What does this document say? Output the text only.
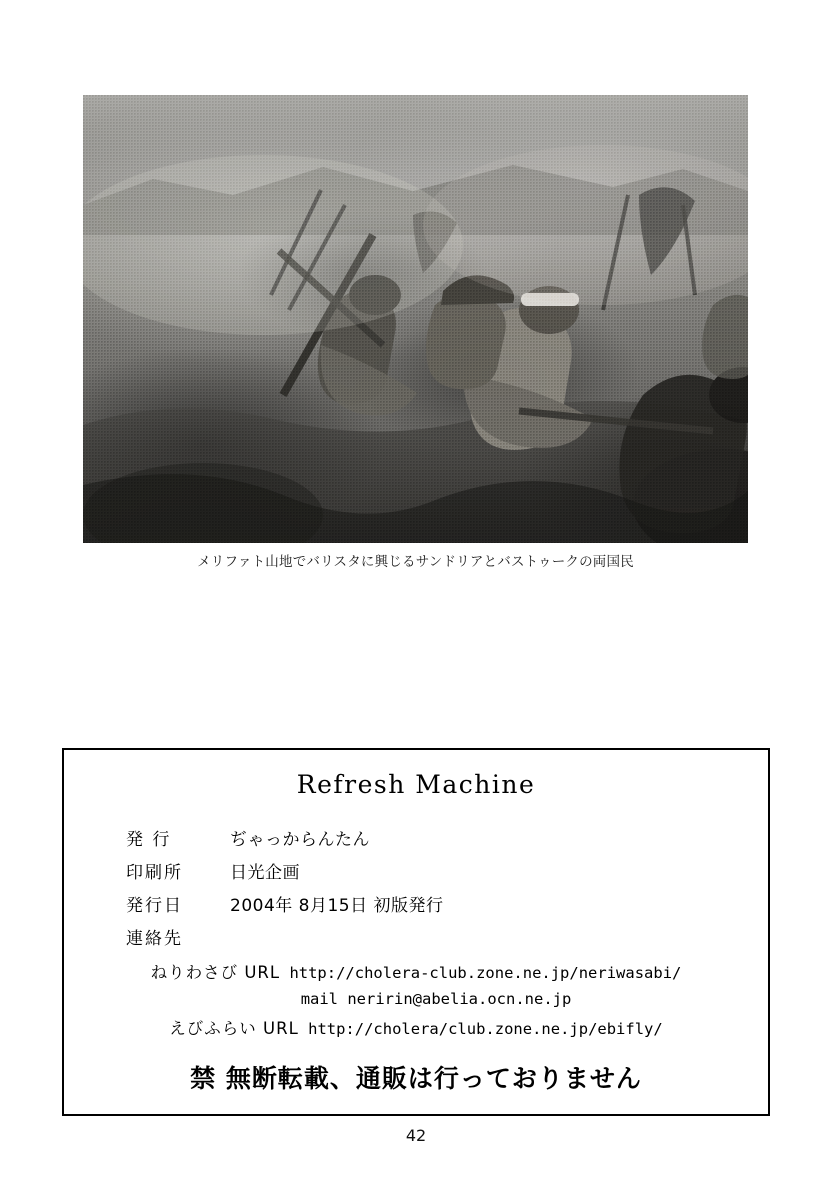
メリファト山地でバリスタに興じるサンドリアとバストゥークの両国民
Refresh Machine
発 行	ぢゃっからんたん
印刷所	日光企画
発行日	2004年 8月15日 初版発行
連絡先
ねりわさび URL http://cholera-club.zone.ne.jp/neriwasabi/
mail neririn@abelia.ocn.ne.jp
えびふらい URL http://cholera/club.zone.ne.jp/ebifly/
禁 無断転載、通販は行っておりません
42
